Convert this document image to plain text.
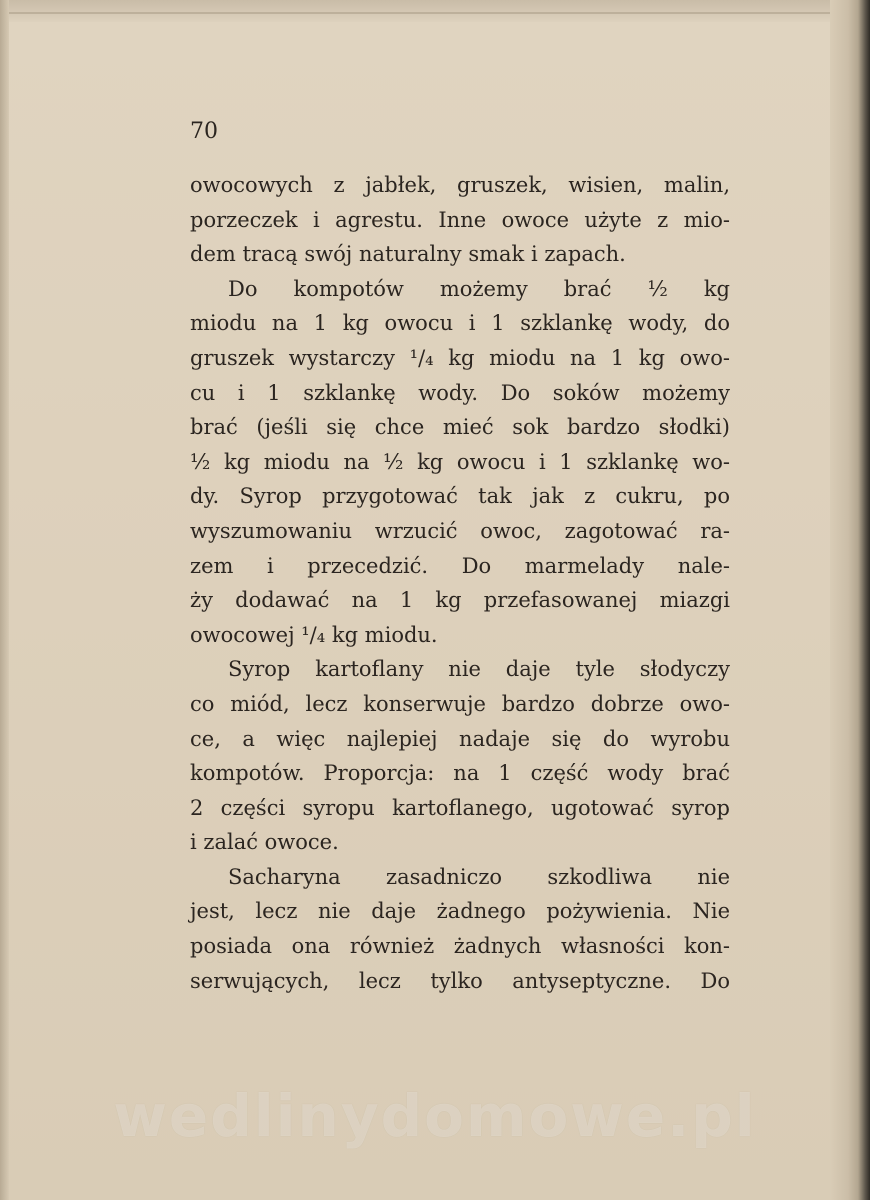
70
owocowych z jabłek, gruszek, wisien, malin,
porzeczek i agrestu. Inne owoce użyte z mio-
dem tracą swój naturalny smak i zapach.
Do kompotów możemy brać ½ kg
miodu na 1 kg owocu i 1 szklankę wody, do
gruszek wystarczy ¹/₄ kg miodu na 1 kg owo-
cu i 1 szklankę wody. Do soków możemy
brać (jeśli się chce mieć sok bardzo słodki)
½ kg miodu na ½ kg owocu i 1 szklankę wo-
dy. Syrop przygotować tak jak z cukru, po
wyszumowaniu wrzucić owoc, zagotować ra-
zem i przecedzić. Do marmelady nale-
ży dodawać na 1 kg przefasowanej miazgi
owocowej ¹/₄ kg miodu.
Syrop kartoflany nie daje tyle słodyczy
co miód, lecz konserwuje bardzo dobrze owo-
ce, a więc najlepiej nadaje się do wyrobu
kompotów. Proporcja: na 1 część wody brać
2 części syropu kartoflanego, ugotować syrop
i zalać owoce.
Sacharyna zasadniczo szkodliwa nie
jest, lecz nie daje żadnego pożywienia. Nie
posiada ona również żadnych własności kon-
serwujących, lecz tylko antyseptyczne. Do
wedlinydomowe.pl
